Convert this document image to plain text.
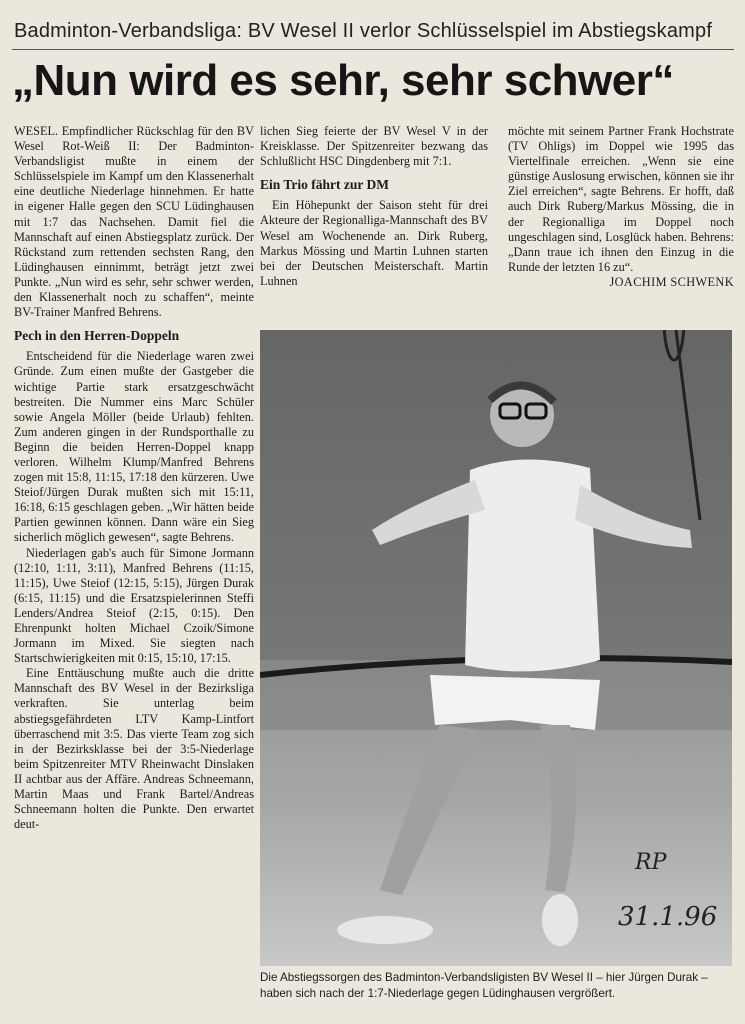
Badminton-Verbandsliga: BV Wesel II verlor Schlüsselspiel im Abstiegskampf
„Nun wird es sehr, sehr schwer“

WESEL. Empfindlicher Rückschlag für den BV Wesel Rot-Weiß II: Der Badminton-Verbandsligist mußte in einem der Schlüsselspiele im Kampf um den Klassenerhalt eine deutliche Niederlage hinnehmen. Er hatte in eigener Halle gegen den SCU Lüdinghausen mit 1:7 das Nachsehen. Damit fiel die Mannschaft auf einen Abstiegsplatz zurück. Der Rückstand zum rettenden sechsten Rang, den Lüdinghausen einnimmt, beträgt jetzt zwei Punkte. „Nun wird es sehr, sehr schwer werden, den Klassenerhalt noch zu schaffen“, meinte BV-Trainer Manfred Behrens.

Pech in den Herren-Doppeln

Entscheidend für die Niederlage waren zwei Gründe. Zum einen mußte der Gastgeber die wichtige Partie stark ersatzgeschwächt bestreiten. Die Nummer eins Marc Schüler sowie Angela Möller (beide Urlaub) fehlten. Zum anderen gingen in der Rundsporthalle zu Beginn die beiden Herren-Doppel knapp verloren. Wilhelm Klump/Manfred Behrens zogen mit 15:8, 11:15, 17:18 den kürzeren. Uwe Steiof/Jürgen Durak mußten sich mit 15:11, 16:18, 6:15 geschlagen geben. „Wir hätten beide Partien gewinnen können. Dann wäre ein Sieg sicherlich möglich gewesen“, sagte Behrens.

Niederlagen gab's auch für Simone Jormann (12:10, 1:11, 3:11), Manfred Behrens (11:15, 11:15), Uwe Steiof (12:15, 5:15), Jürgen Durak (6:15, 11:15) und die Ersatzspielerinnen Steffi Lenders/Andrea Steiof (2:15, 0:15). Den Ehrenpunkt holten Michael Czoik/Simone Jormann im Mixed. Sie siegten nach Startschwierigkeiten mit 0:15, 15:10, 17:15.

Eine Enttäuschung mußte auch die dritte Mannschaft des BV Wesel in der Bezirksliga verkraften. Sie unterlag beim abstiegsgefährdeten LTV Kamp-Lintfort überraschend mit 3:5. Das vierte Team zog sich in der Bezirksklasse bei der 3:5-Niederlage beim Spitzenreiter MTV Rheinwacht Dinslaken II achtbar aus der Affäre. Andreas Schneemann, Martin Maas und Frank Bartel/Andreas Schneemann holten die Punkte. Den erwartet deut-

lichen Sieg feierte der BV Wesel V in der Kreisklasse. Der Spitzenreiter bezwang das Schlußlicht HSC Dingdenberg mit 7:1.

Ein Trio fährt zur DM

Ein Höhepunkt der Saison steht für drei Akteure der Regionalliga-Mannschaft des BV Wesel am Wochenende an. Dirk Ruberg, Markus Mössing und Martin Luhnen starten bei der Deutschen Meisterschaft. Martin Luhnen

möchte mit seinem Partner Frank Hochstrate (TV Ohligs) im Doppel wie 1995 das Viertelfinale erreichen. „Wenn sie eine günstige Auslosung erwischen, können sie ihr Ziel erreichen“, sagte Behrens. Er hofft, daß auch Dirk Ruberg/Markus Mössing, die in der Regionalliga im Doppel noch ungeschlagen sind, Losglück haben. Behrens: „Dann traue ich ihnen den Einzug in die Runde der letzten 16 zu“.

JOACHIM SCHWENK

RP
31.1.96
Die Abstiegssorgen des Badminton-Verbandsligisten BV Wesel II – hier Jürgen Durak – haben sich nach der 1:7-Niederlage gegen Lüdinghausen vergrößert.
